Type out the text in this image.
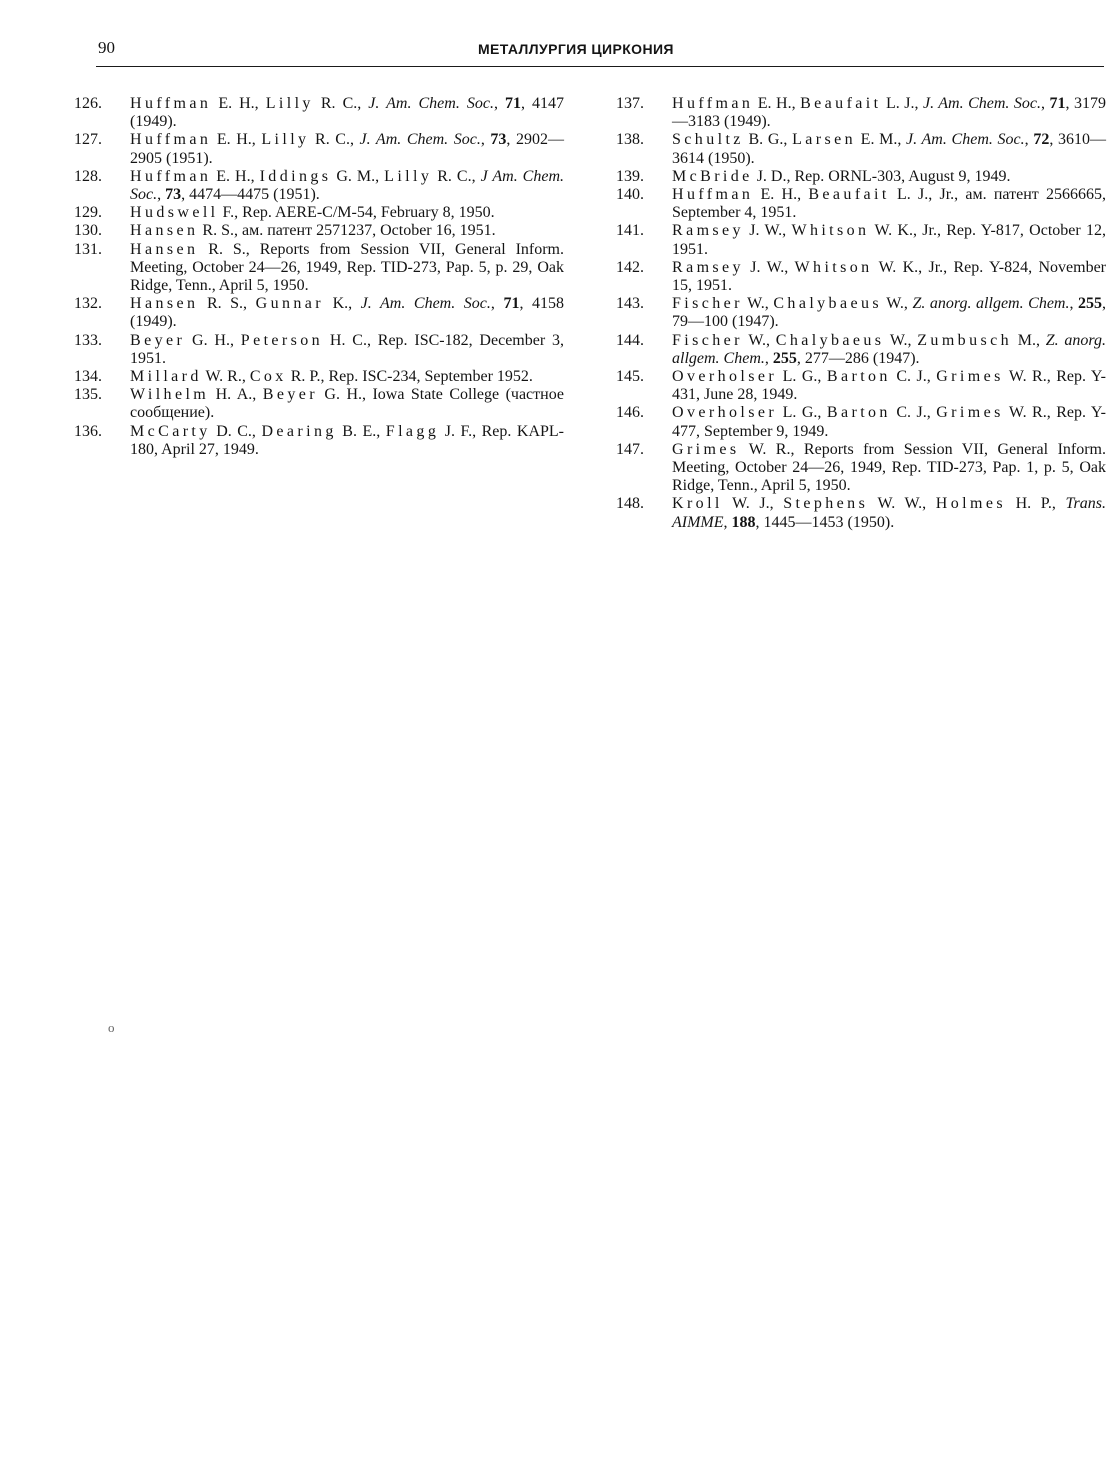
90	МЕТАЛЛУРГИЯ ЦИРКОНИЯ
126.	Huffman E. H., Lilly R. C., J. Am. Chem. Soc., 71, 4147 (1949).
127.	Huffman E. H., Lilly R. C., J. Am. Chem. Soc., 73, 2902—2905 (1951).
128.	Huffman E. H., Iddings G. M., Lilly R. C., J Am. Chem. Soc., 73, 4474—4475 (1951).
129.	Hudswell F., Rep. AERE-C/M-54, February 8, 1950.
130.	Hansen R. S., ам. патент 2571237, October 16, 1951.
131.	Hansen R. S., Reports from Session VII, General Inform. Meeting, October 24—26, 1949, Rep. TID-273, Pap. 5, p. 29, Oak Ridge, Tenn., April 5, 1950.
132.	Hansen R. S., Gunnar K., J. Am. Chem. Soc., 71, 4158 (1949).
133.	Beyer G. H., Peterson H. C., Rep. ISC-182, December 3, 1951.
134.	Millard W. R., Cox R. P., Rep. ISC-234, September 1952.
135.	Wilhelm H. A., Beyer G. H., Iowa State College (частное сообщение).
136.	McCarty D. C., Dearing B. E., Flagg J. F., Rep. KAPL-180, April 27, 1949.
137.	Huffman E. H., Beaufait L. J., J. Am. Chem. Soc., 71, 3179—3183 (1949).
138.	Schultz B. G., Larsen E. M., J. Am. Chem. Soc., 72, 3610—3614 (1950).
139.	McBride J. D., Rep. ORNL-303, August 9, 1949.
140.	Huffman E. H., Beaufait L. J., Jr., ам. патент 2566665, September 4, 1951.
141.	Ramsey J. W., Whitson W. K., Jr., Rep. Y-817, October 12, 1951.
142.	Ramsey J. W., Whitson W. K., Jr., Rep. Y-824, November 15, 1951.
143.	Fischer W., Chalybaeus W., Z. anorg. allgem. Chem., 255, 79—100 (1947).
144.	Fischer W., Chalybaeus W., Zumbusch M., Z. anorg. allgem. Chem., 255, 277—286 (1947).
145.	Overholser L. G., Barton C. J., Grimes W. R., Rep. Y-431, June 28, 1949.
146.	Overholser L. G., Barton C. J., Grimes W. R., Rep. Y-477, September 9, 1949.
147.	Grimes W. R., Reports from Session VII, General Inform. Meeting, October 24—26, 1949, Rep. TID-273, Pap. 1, p. 5, Oak Ridge, Tenn., April 5, 1950.
148.	Kroll W. J., Stephens W. W., Holmes H. P., Trans. AIMME, 188, 1445—1453 (1950).
о
